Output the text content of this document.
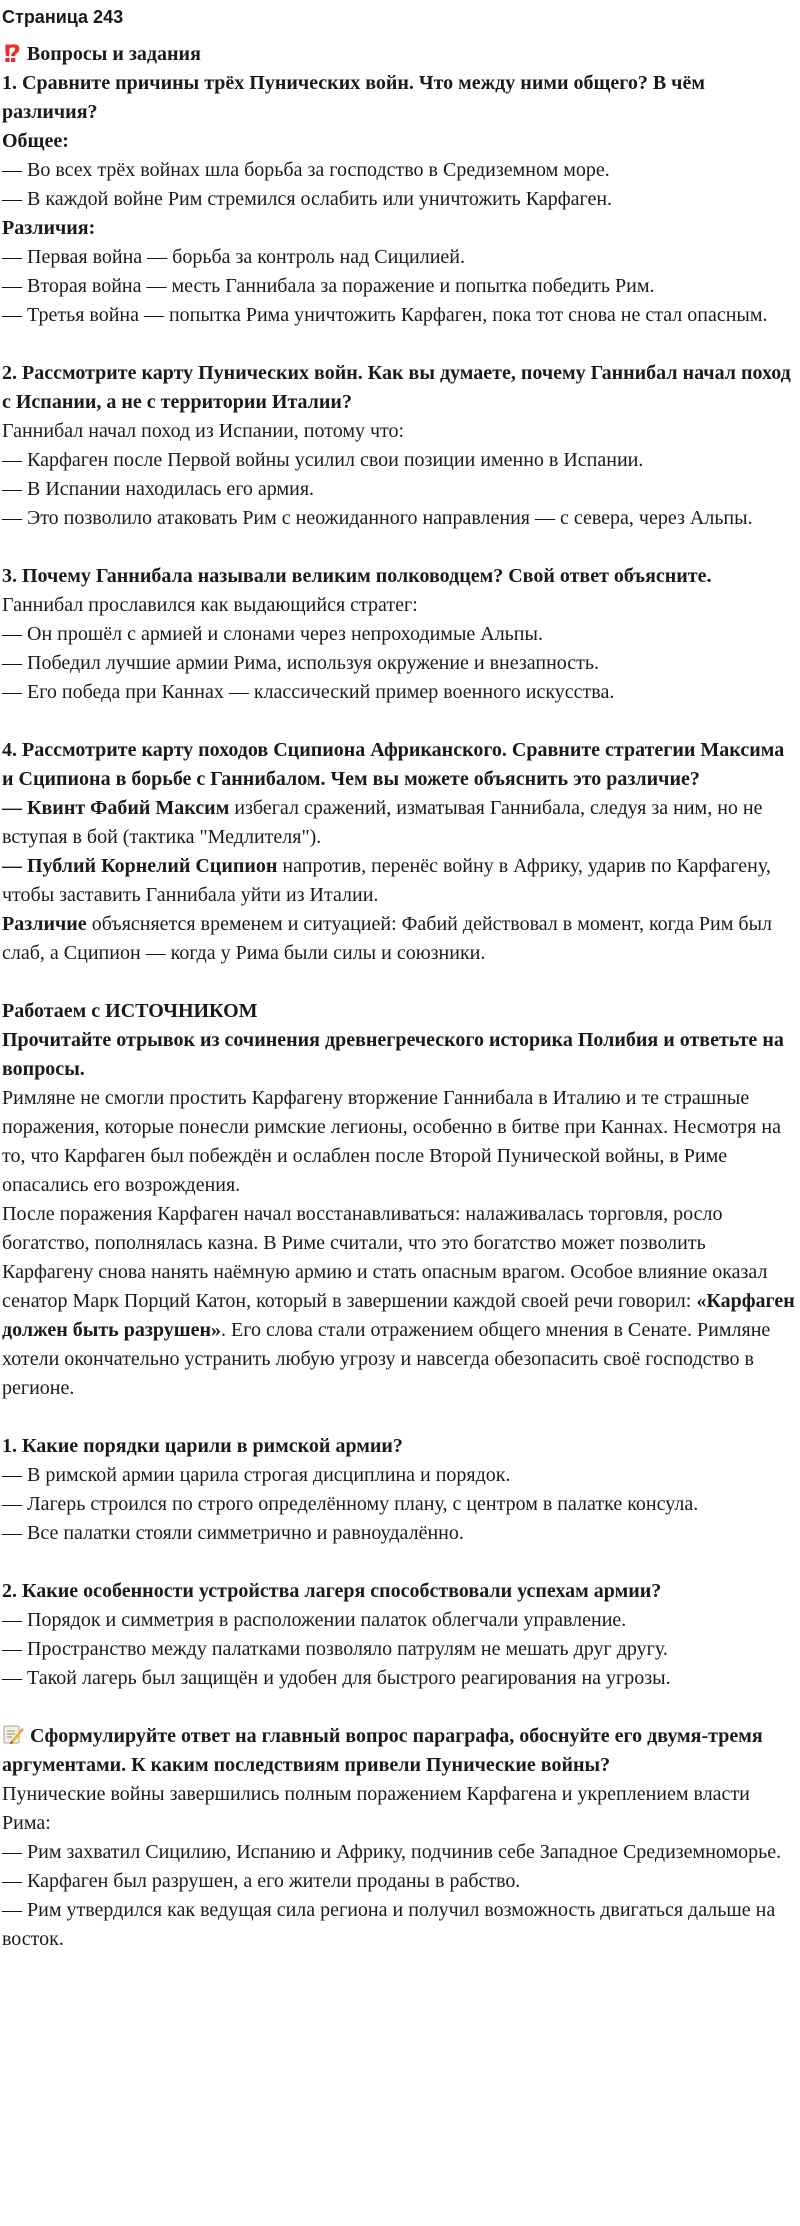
Страница 243

!? Вопросы и задания

1. Сравните причины трёх Пунических войн. Что между ними общего? В чём различия?

Общее:

— Во всех трёх войнах шла борьба за господство в Средиземном море.

— В каждой войне Рим стремился ослабить или уничтожить Карфаген.

Различия:

— Первая война — борьба за контроль над Сицилией.

— Вторая война — месть Ганнибала за поражение и попытка победить Рим.

— Третья война — попытка Рима уничтожить Карфаген, пока тот снова не стал опасным.

2. Рассмотрите карту Пунических войн. Как вы думаете, почему Ганнибал начал поход с Испании, а не с территории Италии?

Ганнибал начал поход из Испании, потому что:

— Карфаген после Первой войны усилил свои позиции именно в Испании.

— В Испании находилась его армия.

— Это позволило атаковать Рим с неожиданного направления — с севера, через Альпы.

3. Почему Ганнибала называли великим полководцем? Свой ответ объясните.

Ганнибал прославился как выдающийся стратег:

— Он прошёл с армией и слонами через непроходимые Альпы.

— Победил лучшие армии Рима, используя окружение и внезапность.

— Его победа при Каннах — классический пример военного искусства.

4. Рассмотрите карту походов Сципиона Африканского. Сравните стратегии Максима и Сципиона в борьбе с Ганнибалом. Чем вы можете объяснить это различие?

— Квинт Фабий Максим избегал сражений, изматывая Ганнибала, следуя за ним, но не вступая в бой (тактика "Медлителя").

— Публий Корнелий Сципион напротив, перенёс войну в Африку, ударив по Карфагену, чтобы заставить Ганнибала уйти из Италии.

Различие объясняется временем и ситуацией: Фабий действовал в момент, когда Рим был слаб, а Сципион — когда у Рима были силы и союзники.

Работаем с ИСТОЧНИКОМ

Прочитайте отрывок из сочинения древнегреческого историка Полибия и ответьте на вопросы.

Римляне не смогли простить Карфагену вторжение Ганнибала в Италию и те страшные поражения, которые понесли римские легионы, особенно в битве при Каннах. Несмотря на то, что Карфаген был побеждён и ослаблен после Второй Пунической войны, в Риме опасались его возрождения.

После поражения Карфаген начал восстанавливаться: налаживалась торговля, росло богатство, пополнялась казна. В Риме считали, что это богатство может позволить Карфагену снова нанять наёмную армию и стать опасным врагом. Особое влияние оказал сенатор Марк Порций Катон, который в завершении каждой своей речи говорил: «Карфаген должен быть разрушен». Его слова стали отражением общего мнения в Сенате. Римляне хотели окончательно устранить любую угрозу и навсегда обезопасить своё господство в регионе.

1. Какие порядки царили в римской армии?

— В римской армии царила строгая дисциплина и порядок.

— Лагерь строился по строго определённому плану, с центром в палатке консула.

— Все палатки стояли симметрично и равноудалённо.

2. Какие особенности устройства лагеря способствовали успехам армии?

— Порядок и симметрия в расположении палаток облегчали управление.

— Пространство между палатками позволяло патрулям не мешать друг другу.

— Такой лагерь был защищён и удобен для быстрого реагирования на угрозы.

Сформулируйте ответ на главный вопрос параграфа, обоснуйте его двумя-тремя аргументами. К каким последствиям привели Пунические войны?

Пунические войны завершились полным поражением Карфагена и укреплением власти Рима:

— Рим захватил Сицилию, Испанию и Африку, подчинив себе Западное Средиземноморье.

— Карфаген был разрушен, а его жители проданы в рабство.

— Рим утвердился как ведущая сила региона и получил возможность двигаться дальше на восток.
